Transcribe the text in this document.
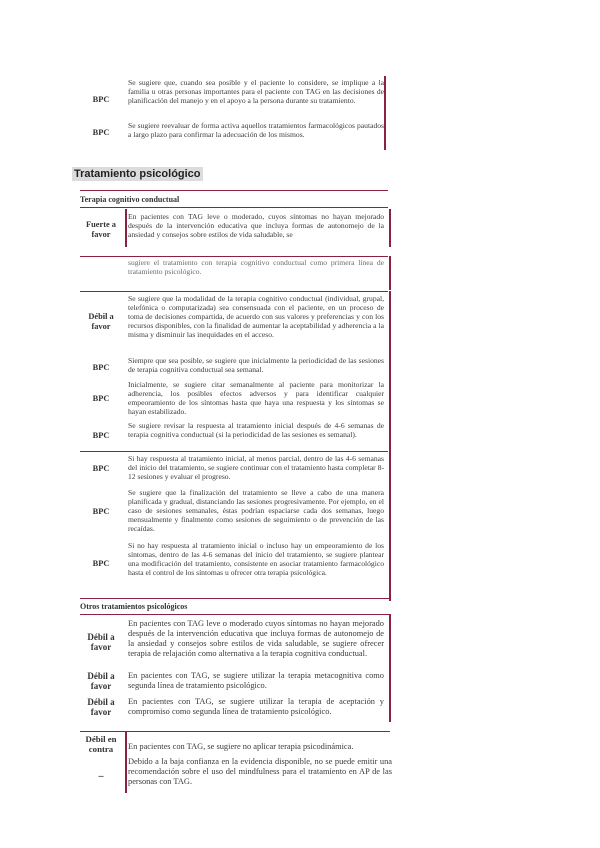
BPC
Se sugiere que, cuando sea posible y el paciente lo considere, se implique a la familia u otras personas importantes para el paciente con TAG en las decisiones de planificación del manejo y en el apoyo a la persona durante su tratamiento.
BPC
Se sugiere reevaluar de forma activa aquellos tratamientos farmacológicos pautados a largo plazo para confirmar la adecuación de los mismos.
Tratamiento psicológico
Terapia cognitivo conductual
Fuerte a favor
En pacientes con TAG leve o moderado, cuyos síntomas no hayan mejorado después de la intervención educativa que incluya formas de autonomejo de la ansiedad y consejos sobre estilos de vida saludable, se
sugiere el tratamiento con terapia cognitivo conductual como primera línea de tratamiento psicológico.
Débil a favor
Se sugiere que la modalidad de la terapia cognitivo conductual (individual, grupal, telefónica o computarizada) sea consensuada con el paciente, en un proceso de toma de decisiones compartida, de acuerdo con sus valores y preferencias y con los recursos disponibles, con la finalidad de aumentar la aceptabilidad y adherencia a la misma y disminuir las inequidades en el acceso.
BPC
Siempre que sea posible, se sugiere que inicialmente la periodicidad de las sesiones de terapia cognitiva conductual sea semanal.
BPC
Inicialmente, se sugiere citar semanalmente al paciente para monitorizar la adherencia, los posibles efectos adversos y para identificar cualquier empeoramiento de los síntomas hasta que haya una respuesta y los síntomas se hayan estabilizado.
BPC
Se sugiere revisar la respuesta al tratamiento inicial después de 4-6 semanas de terapia cognitiva conductual (si la periodicidad de las sesiones es semanal).
BPC
Si hay respuesta al tratamiento inicial, al menos parcial, dentro de las 4-6 semanas del inicio del tratamiento, se sugiere continuar con el tratamiento hasta completar 8-12 sesiones y evaluar el progreso.
BPC
Se sugiere que la finalización del tratamiento se lleve a cabo de una manera planificada y gradual, distanciando las sesiones progresivamente. Por ejemplo, en el caso de sesiones semanales, éstas podrían espaciarse cada dos semanas, luego mensualmente y finalmente como sesiones de seguimiento o de prevención de las recaídas.
BPC
Si no hay respuesta al tratamiento inicial o incluso hay un empeoramiento de los síntomas, dentro de las 4-6 semanas del inicio del tratamiento, se sugiere plantear una modificación del tratamiento, consistente en asociar tratamiento farmacológico hasta el control de los síntomas u ofrecer otra terapia psicológica.
Otros tratamientos psicológicos
Débil a favor
En pacientes con TAG leve o moderado cuyos síntomas no hayan mejorado después de la intervención educativa que incluya formas de autonomejo de la ansiedad y consejos sobre estilos de vida saludable, se sugiere ofrecer terapia de relajación como alternativa a la terapia cognitiva conductual.
Débil a favor
En pacientes con TAG, se sugiere utilizar la terapia metacognitiva como segunda línea de tratamiento psicológico.
Débil a favor
En pacientes con TAG, se sugiere utilizar la terapia de aceptación y compromiso como segunda línea de tratamiento psicológico.
Débil en contra	En pacientes con TAG, se sugiere no aplicar terapia psicodinámica.
–
Debido a la baja confianza en la evidencia disponible, no se puede emitir una recomendación sobre el uso del mindfulness para el tratamiento en AP de las personas con TAG.
